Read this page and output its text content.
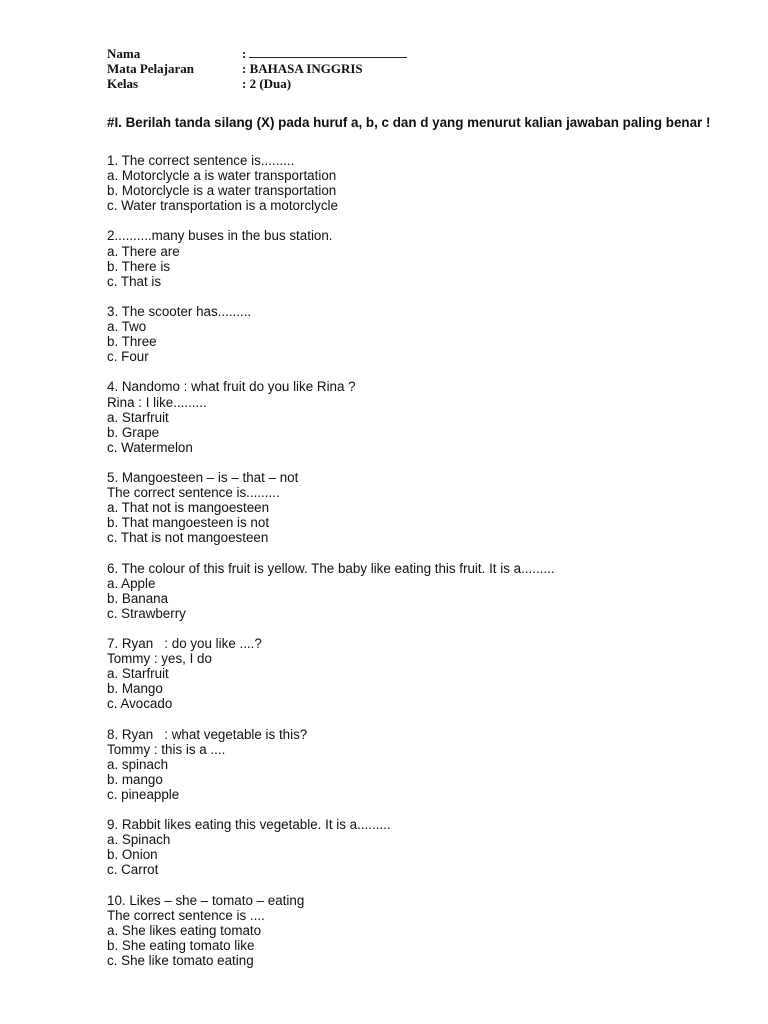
Nama	:
Mata Pelajaran	: BAHASA INGGRIS
Kelas	: 2 (Dua)
#I. Berilah tanda silang (X) pada huruf a, b, c dan d yang menurut kalian jawaban paling benar !
1. The correct sentence is.........
a. Motorclycle a is water transportation
b. Motorclycle is a water transportation
c. Water transportation is a motorclycle
2..........many buses in the bus station.
a. There are
b. There is
c. That is
3. The scooter has.........
a. Two
b. Three
c. Four
4. Nandomo : what fruit do you like Rina ?
Rina : I like.........
a. Starfruit
b. Grape
c. Watermelon
5. Mangoesteen – is – that – not
The correct sentence is.........
a. That not is mangoesteen
b. That mangoesteen is not
c. That is not mangoesteen
6. The colour of this fruit is yellow. The baby like eating this fruit. It is a.........
a. Apple
b. Banana
c. Strawberry
7. Ryan   : do you like ....?
Tommy : yes, I do
a. Starfruit
b. Mango
c. Avocado
8. Ryan   : what vegetable is this?
Tommy : this is a ....
a. spinach
b. mango
c. pineapple
9. Rabbit likes eating this vegetable. It is a.........
a. Spinach
b. Onion
c. Carrot
10. Likes – she – tomato – eating
The correct sentence is ....
a. She likes eating tomato
b. She eating tomato like
c. She like tomato eating
